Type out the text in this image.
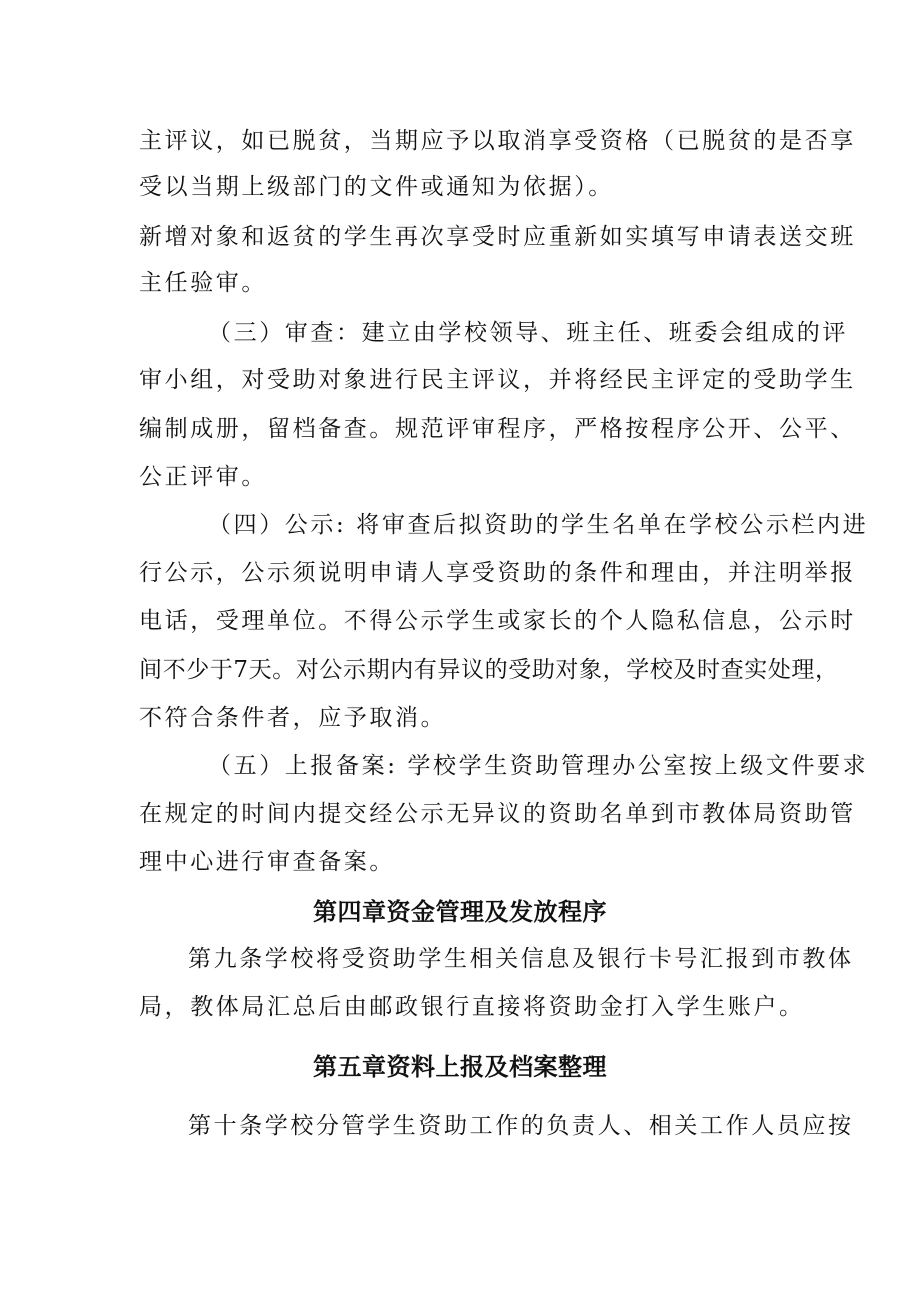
主评议，如已脱贫，当期应予以取消享受资格（已脱贫的是否享
受以当期上级部门的文件或通知为依据）。
新增对象和返贫的学生再次享受时应重新如实填写申请表送交班
主任验审。
（三）审查：建立由学校领导、班主任、班委会组成的评
审小组，对受助对象进行民主评议，并将经民主评定的受助学生
编制成册，留档备查。规范评审程序，严格按程序公开、公平、
公正评审。
（四）公示: 将审查后拟资助的学生名单在学校公示栏内进
行公示，公示须说明申请人享受资助的条件和理由，并注明举报
电话，受理单位。不得公示学生或家长的个人隐私信息，公示时
间不少于7天。对公示期内有异议的受助对象，学校及时查实处理，
不符合条件者，应予取消。
（五）上报备案: 学校学生资助管理办公室按上级文件要求
在规定的时间内提交经公示无异议的资助名单到市教体局资助管
理中心进行审查备案。
第四章资金管理及发放程序
第九条学校将受资助学生相关信息及银行卡号汇报到市教体
局，教体局汇总后由邮政银行直接将资助金打入学生账户。
第五章资料上报及档案整理
第十条学校分管学生资助工作的负责人、相关工作人员应按
